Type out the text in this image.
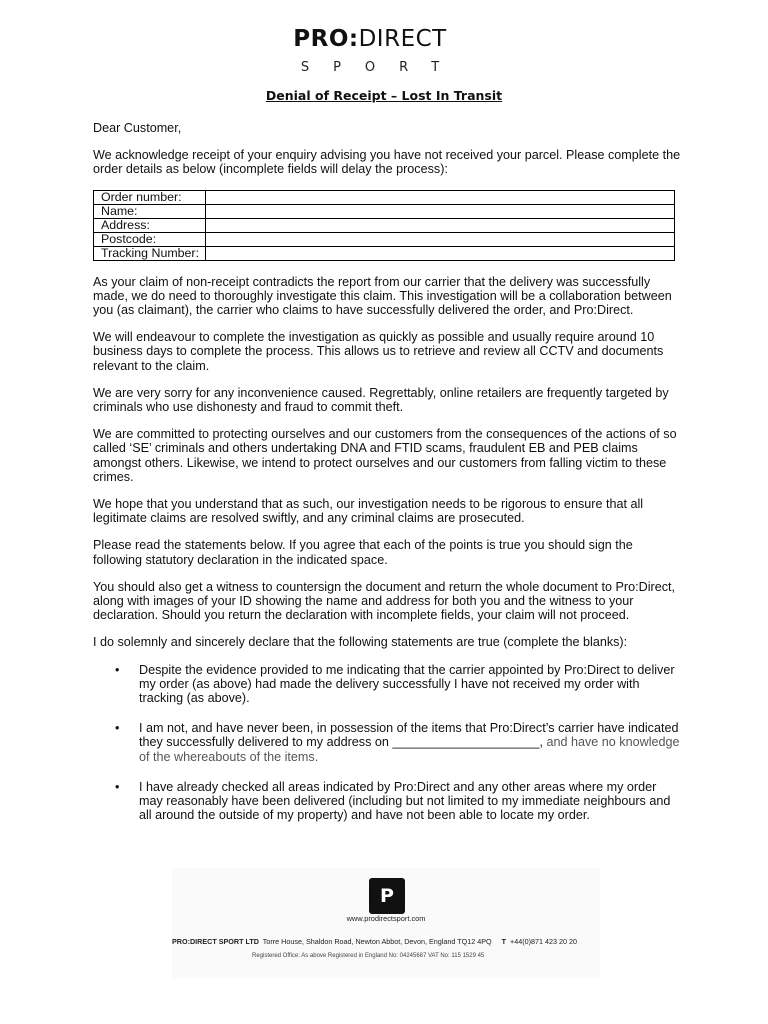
PRO:DIRECT
SPORT
Denial of Receipt – Lost In Transit

Dear Customer,

We acknowledge receipt of your enquiry advising you have not received your parcel. Please complete the order details as below (incomplete fields will delay the process):

Order number:	
Name:	
Address:	
Postcode:	
Tracking Number:	

As your claim of non-receipt contradicts the report from our carrier that the delivery was successfully made, we do need to thoroughly investigate this claim. This investigation will be a collaboration between you (as claimant), the carrier who claims to have successfully delivered the order, and Pro:Direct.

We will endeavour to complete the investigation as quickly as possible and usually require around 10 business days to complete the process. This allows us to retrieve and review all CCTV and documents relevant to the claim.

We are very sorry for any inconvenience caused. Regrettably, online retailers are frequently targeted by criminals who use dishonesty and fraud to commit theft.

We are committed to protecting ourselves and our customers from the consequences of the actions of so called ‘SE’ criminals and others undertaking DNA and FTID scams, fraudulent EB and PEB claims amongst others. Likewise, we intend to protect ourselves and our customers from falling victim to these crimes.

We hope that you understand that as such, our investigation needs to be rigorous to ensure that all legitimate claims are resolved swiftly, and any criminal claims are prosecuted.

Please read the statements below. If you agree that each of the points is true you should sign the following statutory declaration in the indicated space.

You should also get a witness to countersign the document and return the whole document to Pro:Direct, along with images of your ID showing the name and address for both you and the witness to your declaration. Should you return the declaration with incomplete fields, your claim will not proceed.

I do solemnly and sincerely declare that the following statements are true (complete the blanks):

• Despite the evidence provided to me indicating that the carrier appointed by Pro:Direct to deliver my order (as above) had made the delivery successfully I have not received my order with tracking (as above).
• I am not, and have never been, in possession of the items that Pro:Direct’s carrier have indicated they successfully delivered to my address on _____________________, and have no knowledge of the whereabouts of the items.
• I have already checked all areas indicated by Pro:Direct and any other areas where my order may reasonably have been delivered (including but not limited to my immediate neighbours and all around the outside of my property) and have not been able to locate my order.
P
www.prodirectsport.com
PRO:DIRECT SPORT LTD Torre House, Shaldon Road, Newton Abbot, Devon, England TQ12 4PQ T +44(0)871 423 20 20
Registered Office: As above Registered in England No: 04245687 VAT No: 115 1529 45
